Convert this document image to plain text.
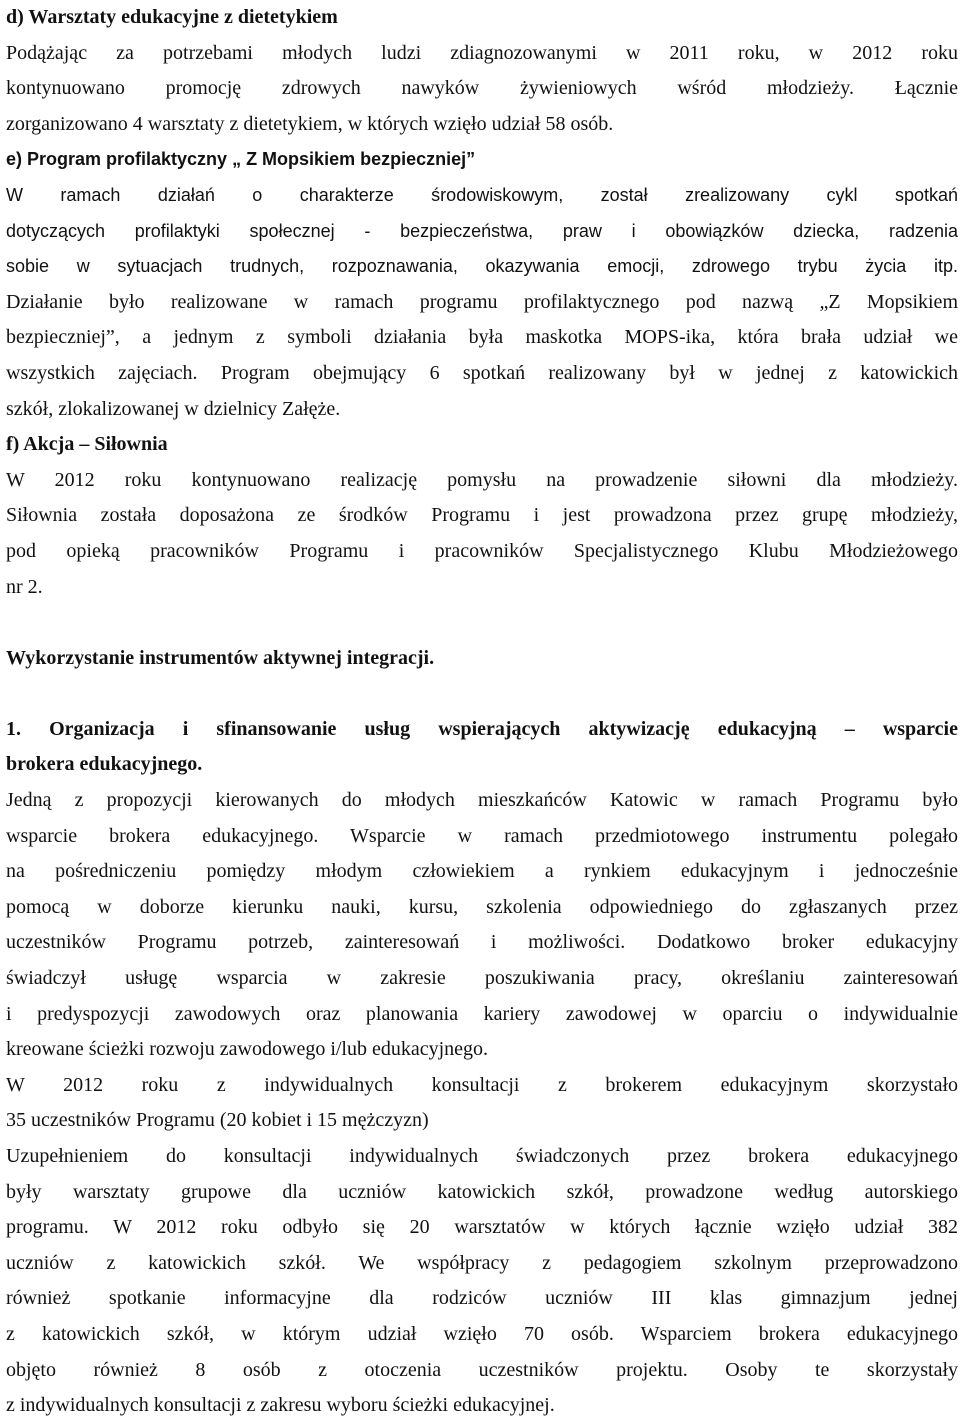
d) Warsztaty edukacyjne z dietetykiem
Podążając za potrzebami młodych ludzi zdiagnozowanymi w 2011 roku, w 2012 roku
kontynuowano promocję zdrowych nawyków żywieniowych wśród młodzieży. Łącznie
zorganizowano 4 warsztaty z dietetykiem, w których wzięło udział 58 osób.
e) Program profilaktyczny „ Z Mopsikiem bezpieczniej”
W ramach działań o charakterze środowiskowym, został zrealizowany cykl spotkań
dotyczących profilaktyki społecznej - bezpieczeństwa, praw i obowiązków dziecka, radzenia
sobie w sytuacjach trudnych, rozpoznawania, okazywania emocji, zdrowego trybu życia itp.
Działanie było realizowane w ramach programu profilaktycznego pod nazwą „Z Mopsikiem
bezpieczniej”, a jednym z symboli działania była maskotka MOPS-ika, która brała udział we
wszystkich zajęciach. Program obejmujący 6 spotkań realizowany był w jednej z katowickich
szkół, zlokalizowanej w dzielnicy Załęże.
f) Akcja – Siłownia
W 2012 roku kontynuowano realizację pomysłu na prowadzenie siłowni dla młodzieży.
Siłownia została doposażona ze środków Programu i jest prowadzona przez grupę młodzieży,
pod opieką pracowników Programu i pracowników Specjalistycznego Klubu Młodzieżowego
nr 2.
Wykorzystanie instrumentów aktywnej integracji.
1. Organizacja i sfinansowanie usług wspierających aktywizację edukacyjną – wsparcie
brokera edukacyjnego.
Jedną z propozycji kierowanych do młodych mieszkańców Katowic w ramach Programu było
wsparcie brokera edukacyjnego. Wsparcie w ramach przedmiotowego instrumentu polegało
na pośredniczeniu pomiędzy młodym człowiekiem a rynkiem edukacyjnym i jednocześnie
pomocą w doborze kierunku nauki, kursu, szkolenia odpowiedniego do zgłaszanych przez
uczestników Programu potrzeb, zainteresowań i możliwości. Dodatkowo broker edukacyjny
świadczył usługę wsparcia w zakresie poszukiwania pracy, określaniu zainteresowań
i predyspozycji zawodowych oraz planowania kariery zawodowej w oparciu o indywidualnie
kreowane ścieżki rozwoju zawodowego i/lub edukacyjnego.
W 2012 roku z indywidualnych konsultacji z brokerem edukacyjnym skorzystało
35 uczestników Programu (20 kobiet i 15 mężczyzn)
Uzupełnieniem do konsultacji indywidualnych świadczonych przez brokera edukacyjnego
były warsztaty grupowe dla uczniów katowickich szkół, prowadzone według autorskiego
programu. W 2012 roku odbyło się 20 warsztatów w których łącznie wzięło udział 382
uczniów z katowickich szkół. We współpracy z pedagogiem szkolnym przeprowadzono
również spotkanie informacyjne dla rodziców uczniów III klas gimnazjum jednej
z katowickich szkół, w którym udział wzięło 70 osób. Wsparciem brokera edukacyjnego
objęto również 8 osób z otoczenia uczestników projektu. Osoby te skorzystały
z indywidualnych konsultacji z zakresu wyboru ścieżki edukacyjnej.
